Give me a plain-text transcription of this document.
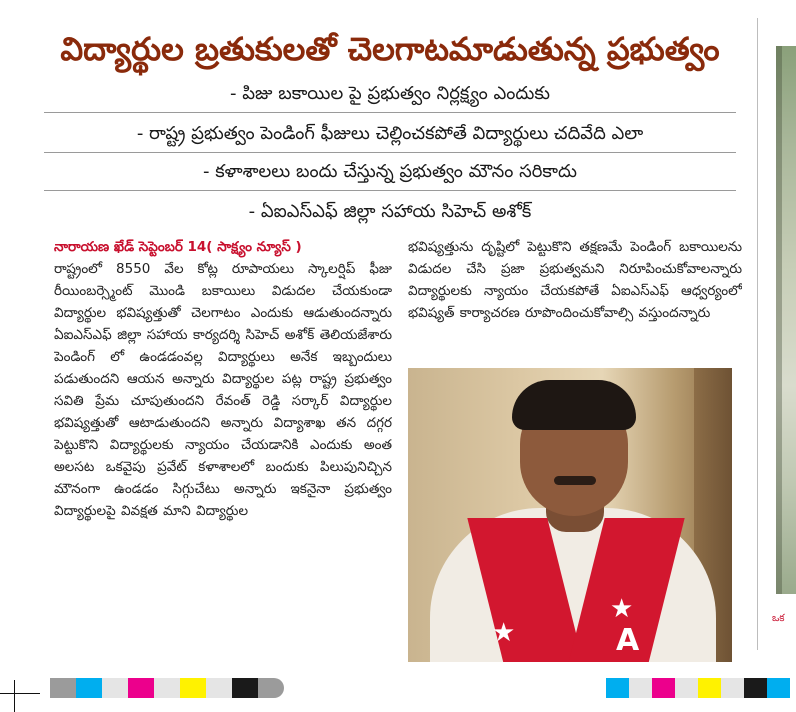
ఒక
విద్యార్థుల బ్రతుకులతో చెలగాటమాడుతున్న ప్రభుత్వం
- పిజు బకాయిల పై ప్రభుత్వం నిర్లక్ష్యం ఎందుకు
- రాష్ట్ర ప్రభుత్వం పెండింగ్ ఫీజులు చెల్లించకపోతే విద్యార్థులు చదివేది ఎలా
- కళాశాలలు బందు చేస్తున్న ప్రభుత్వం మౌనం సరికాదు
- ఏఐఎస్ఎఫ్ జిల్లా సహాయ సిహెచ్ అశోక్
నారాయణ ఖేడ్ సెప్టెంబర్ 14( సాక్ష్యం న్యూస్ )

రాష్ట్రంలో 8550 వేల కోట్ల రూపాయలు స్కాలర్షిప్ ఫీజు రీయింబర్స్మెంట్ మొండి బకాయిలు విడుదల చేయకుండా విద్యార్థుల భవిష్యత్తుతో చెలగాటం ఎందుకు ఆడుతుందన్నారు ఏఐఎస్ఎఫ్ జిల్లా సహాయ కార్యదర్శి సిహెచ్ అశోక్ తెలియజేశారు పెండింగ్ లో ఉండడంవల్ల విద్యార్థులు అనేక ఇబ్బందులు పడుతుందని ఆయన అన్నారు విద్యార్థుల పట్ల రాష్ట్ర ప్రభుత్వం సవితి ప్రేమ చూపుతుందని రేవంత్ రెడ్డి సర్కార్ విద్యార్థుల భవిష్యత్తుతో ఆటాడుతుందని అన్నారు విద్యాశాఖ తన దగ్గర పెట్టుకొని విద్యార్థులకు న్యాయం చేయడానికి ఎందుకు అంత అలసట ఒకవైపు ప్రవేట్ కళాశాలలో బందుకు పిలుపునిచ్చిన మౌనంగా ఉండడం సిగ్గుచేటు అన్నారు ఇకనైనా ప్రభుత్వం విద్యార్థులపై వివక్షత మాని విద్యార్థుల

భవిష్యత్తును దృష్టిలో పెట్టుకొని తక్షణమే పెండింగ్ బకాయిలను విడుదల చేసి ప్రజా ప్రభుత్వమని నిరూపించుకోవాలన్నారు విద్యార్థులకు న్యాయం చేయకపోతే ఏఐఎస్ఎఫ్ ఆధ్వర్యంలో భవిష్యత్ కార్యాచరణ రూపొందించుకోవాల్సి వస్తుందన్నారు

★
★
A
